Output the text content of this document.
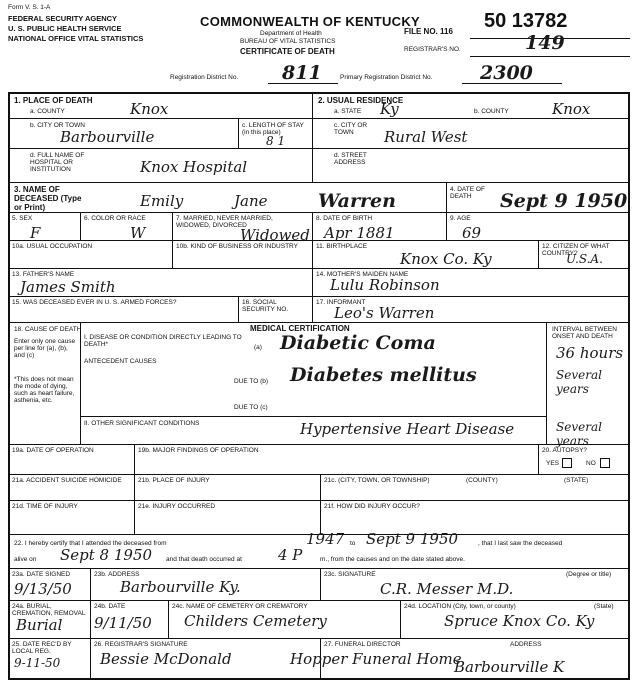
Form V. S. 1-A
FEDERAL SECURITY AGENCY
U. S. PUBLIC HEALTH SERVICE
NATIONAL OFFICE VITAL STATISTICS
COMMONWEALTH OF KENTUCKY
Department of Health
BUREAU OF VITAL STATISTICS
CERTIFICATE OF DEATH
FILE NO. 116 50 13782
REGISTRAR'S NO.	149
Registration District No. 811	Primary Registration District No.	2300
1. PLACE OF DEATH
a. COUNTY	Knox
b. CITY OR TOWN
Barbourville
c. LENGTH OF STAY (in this place)
8 1
d. FULL NAME OF HOSPITAL OR INSTITUTION	Knox Hospital
2. USUAL RESIDENCE
a. STATE Ky	b. COUNTY	Knox
c. CITY OR TOWN	Rural West
d. STREET ADDRESS
3. NAME OF DECEASED (Type or Print)	Emily	Jane	Warren
4. DATE OF DEATH	Sept 9 1950
5. SEX
F
6. COLOR OR RACE
W
7. MARRIED, NEVER MARRIED, WIDOWED, DIVORCED
Widowed
8. DATE OF BIRTH
Apr 1881
9. AGE
69
10a. USUAL OCCUPATION	10b. KIND OF BUSINESS OR INDUSTRY	11. BIRTHPLACE
Knox Co. Ky
12. CITIZEN OF WHAT COUNTRY?
U.S.A.
13. FATHER'S NAME
James Smith
14. MOTHER'S MAIDEN NAME
Lulu Robinson
15. WAS DECEASED EVER IN U. S. ARMED FORCES?	16. SOCIAL SECURITY NO.
17. INFORMANT
Leo's Warren
MEDICAL CERTIFICATION
18. CAUSE OF DEATH
Enter only one cause per line for (a), (b), and (c)
I. DISEASE OR CONDITION DIRECTLY LEADING TO DEATH*	(a) Diabetic Coma
INTERVAL BETWEEN ONSET AND DEATH
36 hours
ANTECEDENT CAUSES
*This does not mean the mode of dying, such as heart failure, asthenia, etc.
DUE TO (b) Diabetes mellitus	Several years
DUE TO (c)
II. OTHER SIGNIFICANT CONDITIONS	Hypertensive Heart Disease	Several years
19a. DATE OF OPERATION	19b. MAJOR FINDINGS OF OPERATION	20. AUTOPSY?
YES	NO
21a. ACCIDENT SUICIDE HOMICIDE	21b. PLACE OF INJURY	21c. (CITY, TOWN, OR TOWNSHIP)	(COUNTY)	(STATE)
21d. TIME OF INJURY	21e. INJURY OCCURRED	21f. HOW DID INJURY OCCUR?
22. I hereby certify that I attended the deceased from	1947 to Sept 9 1950	, that I last saw the deceased
alive on Sept 8 1950 and that death occurred at 4 P	m., from the causes and on the date stated above.
23a. DATE SIGNED
9/13/50
23b. ADDRESS
Barbourville Ky.
23c. SIGNATURE
C.R. Messer M.D.
(Degree or title)
24a. BURIAL, CREMATION, REMOVAL
Burial
24b. DATE
9/11/50
24c. NAME OF CEMETERY OR CREMATORY
Childers Cemetery
24d. LOCATION (City, town, or county)
Spruce Knox Co. Ky
(State)
25. DATE REC'D BY LOCAL REG.
9-11-50
26. REGISTRAR'S SIGNATURE
Bessie McDonald
27. FUNERAL DIRECTOR
Hopper Funeral Home
ADDRESS
Barbourville K
